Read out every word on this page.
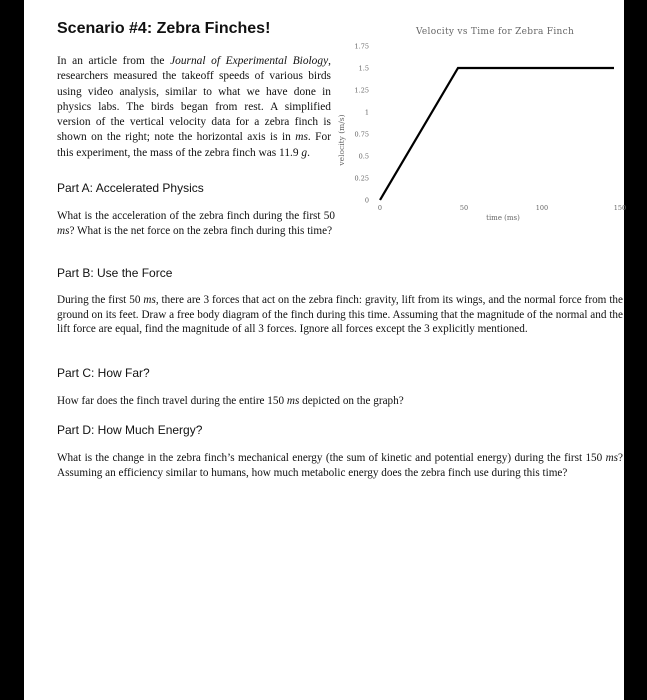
Scenario #4: Zebra Finches!
In an article from the Journal of Experimental Biology, researchers measured the takeoff speeds of various birds using video analysis, similar to what we have done in physics labs. The birds began from rest. A simplified version of the vertical velocity data for a zebra finch is shown on the right; note the horizontal axis is in ms. For this experiment, the mass of the zebra finch was 11.9 g.
Velocity vs Time for Zebra Finch
velocity (m/s)
time (ms)
0
0.25
0.5
0.75
1
1.25
1.5
1.75
0	50	100	150
Part A: Accelerated Physics
What is the acceleration of the zebra finch during the first 50 ms? What is the net force on the zebra finch during this time?
Part B: Use the Force
During the first 50 ms, there are 3 forces that act on the zebra finch: gravity, lift from its wings, and the normal force from the ground on its feet. Draw a free body diagram of the finch during this time. Assuming that the magnitude of the normal and the lift force are equal, find the magnitude of all 3 forces. Ignore all forces except the 3 explicitly mentioned.
Part C: How Far?
How far does the finch travel during the entire 150 ms depicted on the graph?
Part D: How Much Energy?
What is the change in the zebra finch’s mechanical energy (the sum of kinetic and potential energy) during the first 150 ms? Assuming an efficiency similar to humans, how much metabolic energy does the zebra finch use during this time?
